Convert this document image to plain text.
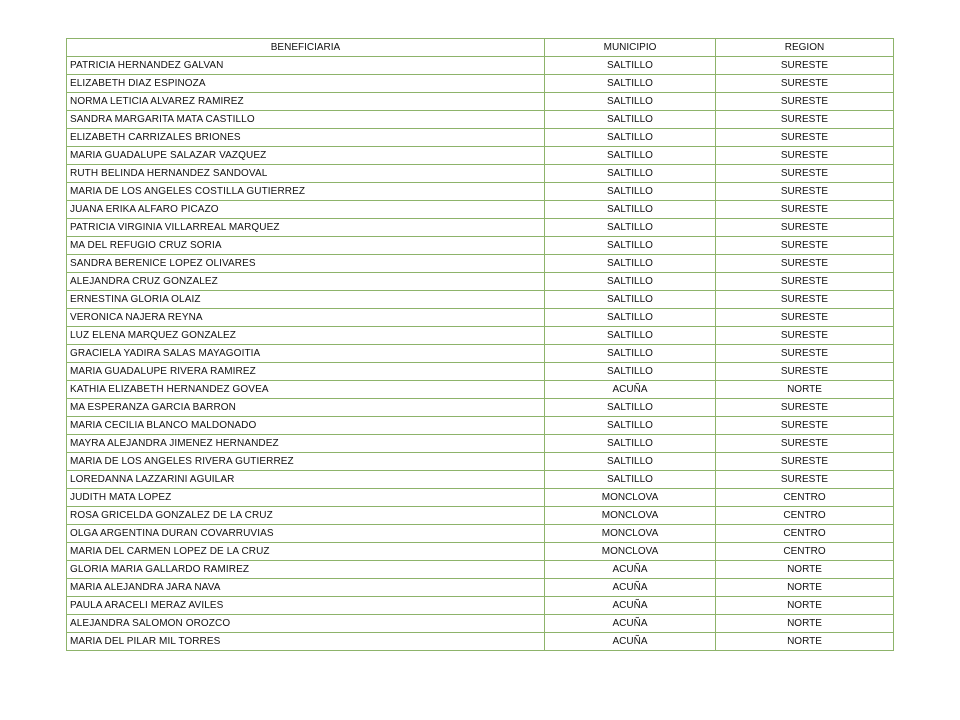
BENEFICIARIA	MUNICIPIO	REGION
PATRICIA HERNANDEZ GALVAN	SALTILLO	SURESTE
ELIZABETH DIAZ ESPINOZA	SALTILLO	SURESTE
NORMA LETICIA ALVAREZ RAMIREZ	SALTILLO	SURESTE
SANDRA MARGARITA MATA CASTILLO	SALTILLO	SURESTE
ELIZABETH CARRIZALES BRIONES	SALTILLO	SURESTE
MARIA GUADALUPE SALAZAR VAZQUEZ	SALTILLO	SURESTE
RUTH BELINDA HERNANDEZ SANDOVAL	SALTILLO	SURESTE
MARIA DE LOS ANGELES COSTILLA GUTIERREZ	SALTILLO	SURESTE
JUANA ERIKA ALFARO PICAZO	SALTILLO	SURESTE
PATRICIA VIRGINIA VILLARREAL MARQUEZ	SALTILLO	SURESTE
MA DEL REFUGIO CRUZ SORIA	SALTILLO	SURESTE
SANDRA BERENICE LOPEZ OLIVARES	SALTILLO	SURESTE
ALEJANDRA CRUZ GONZALEZ	SALTILLO	SURESTE
ERNESTINA GLORIA OLAIZ	SALTILLO	SURESTE
VERONICA NAJERA REYNA	SALTILLO	SURESTE
LUZ ELENA MARQUEZ GONZALEZ	SALTILLO	SURESTE
GRACIELA YADIRA SALAS MAYAGOITIA	SALTILLO	SURESTE
MARIA GUADALUPE RIVERA RAMIREZ	SALTILLO	SURESTE
KATHIA ELIZABETH HERNANDEZ GOVEA	ACUÑA	NORTE
MA ESPERANZA GARCIA BARRON	SALTILLO	SURESTE
MARIA CECILIA BLANCO MALDONADO	SALTILLO	SURESTE
MAYRA ALEJANDRA JIMENEZ HERNANDEZ	SALTILLO	SURESTE
MARIA DE LOS ANGELES RIVERA GUTIERREZ	SALTILLO	SURESTE
LOREDANNA LAZZARINI AGUILAR	SALTILLO	SURESTE
JUDITH MATA LOPEZ	MONCLOVA	CENTRO
ROSA GRICELDA GONZALEZ DE LA CRUZ	MONCLOVA	CENTRO
OLGA ARGENTINA DURAN COVARRUVIAS	MONCLOVA	CENTRO
MARIA DEL CARMEN LOPEZ DE LA CRUZ	MONCLOVA	CENTRO
GLORIA MARIA GALLARDO RAMIREZ	ACUÑA	NORTE
MARIA ALEJANDRA JARA NAVA	ACUÑA	NORTE
PAULA ARACELI MERAZ AVILES	ACUÑA	NORTE
ALEJANDRA SALOMON OROZCO	ACUÑA	NORTE
MARIA DEL PILAR MIL TORRES	ACUÑA	NORTE
